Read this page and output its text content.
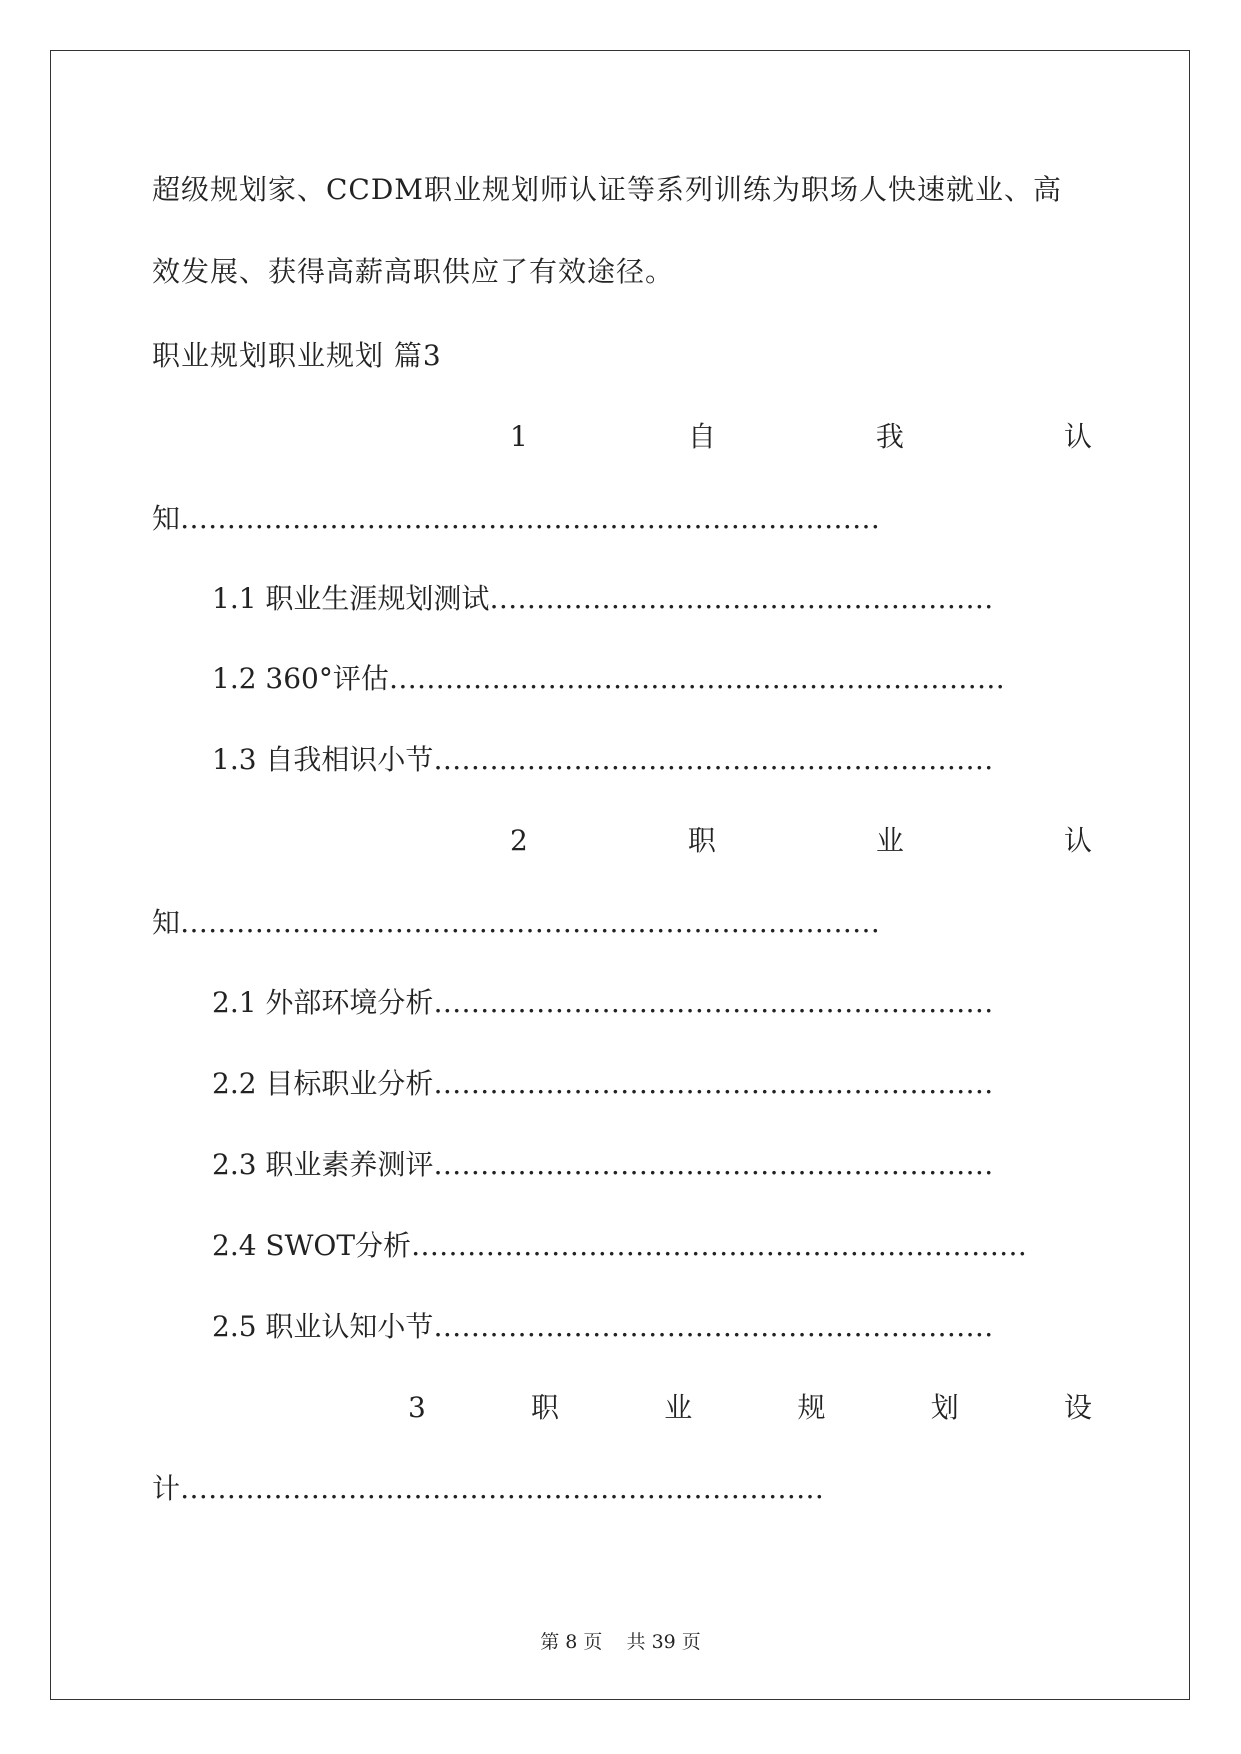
超级规划家、CCDM职业规划师认证等系列训练为职场人快速就业、高
效发展、获得高薪高职供应了有效途径。
职业规划职业规划 篇3
1	自	我	认
知…………………………………………………………………
1.1 职业生涯规划测试………………………………………………
1.2 360°评估…………………………………………………………
1.3 自我相识小节……………………………………………………
2	职	业	认
知…………………………………………………………………
2.1 外部环境分析……………………………………………………
2.2 目标职业分析……………………………………………………
2.3 职业素养测评……………………………………………………
2.4 SWOT分析…………………………………………………………
2.5 职业认知小节……………………………………………………
3	职	业	规	划	设
计……………………………………………………………
第 8 页    共 39 页
